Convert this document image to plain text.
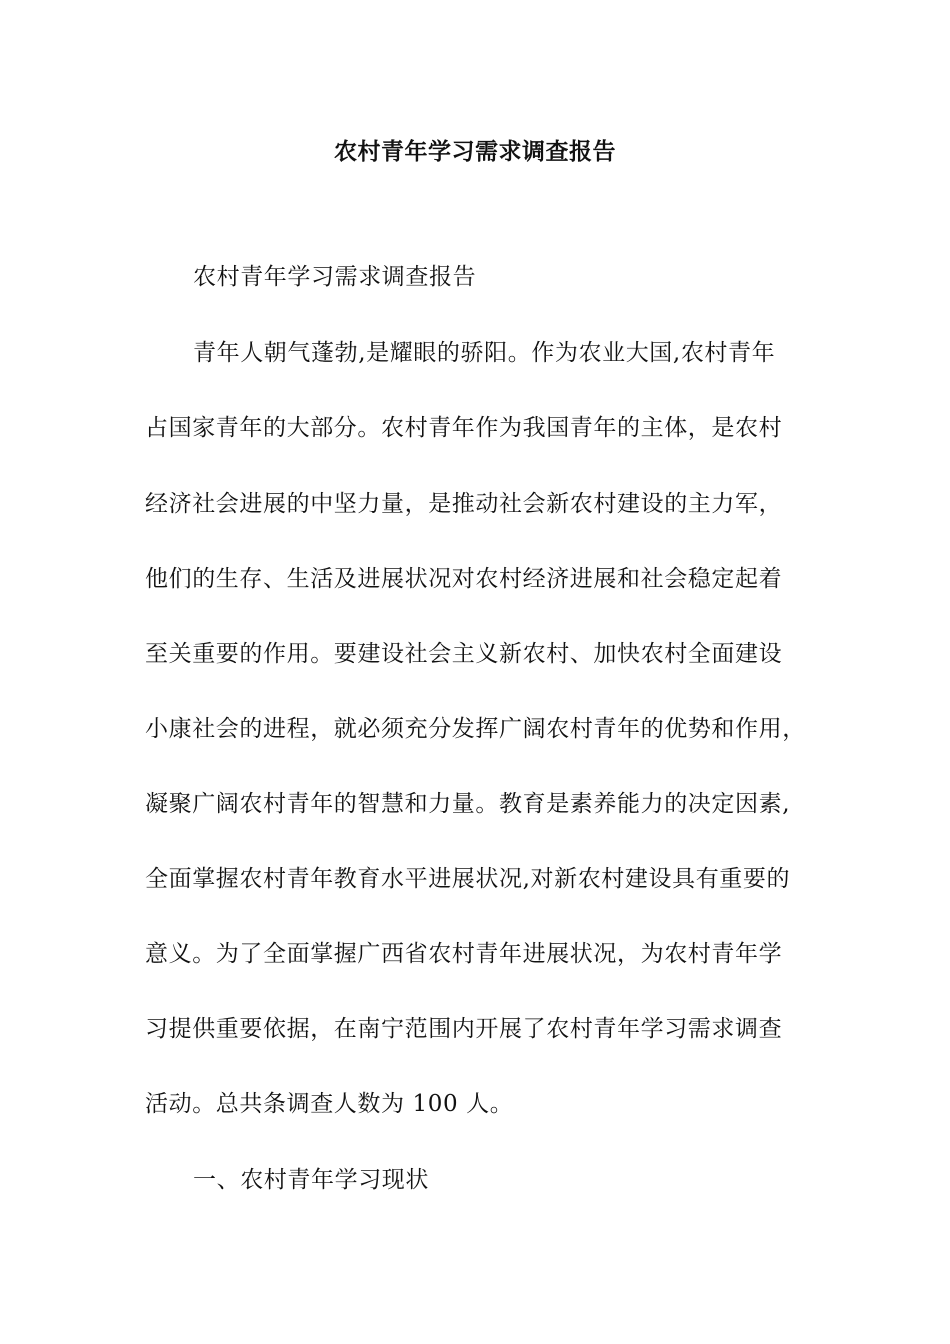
农村青年学习需求调查报告
农村青年学习需求调查报告
青年人朝气蓬勃,是耀眼的骄阳。作为农业大国,农村青年
占国家青年的大部分。农村青年作为我国青年的主体，是农村
经济社会进展的中坚力量，是推动社会新农村建设的主力军，
他们的生存、生活及进展状况对农村经济进展和社会稳定起着
至关重要的作用。要建设社会主义新农村、加快农村全面建设
小康社会的进程，就必须充分发挥广阔农村青年的优势和作用，
凝聚广阔农村青年的智慧和力量。教育是素养能力的决定因素,
全面掌握农村青年教育水平进展状况,对新农村建设具有重要的
意义。为了全面掌握广西省农村青年进展状况，为农村青年学
习提供重要依据，在南宁范围内开展了农村青年学习需求调查
活动。总共条调查人数为 100 人。
一、农村青年学习现状
